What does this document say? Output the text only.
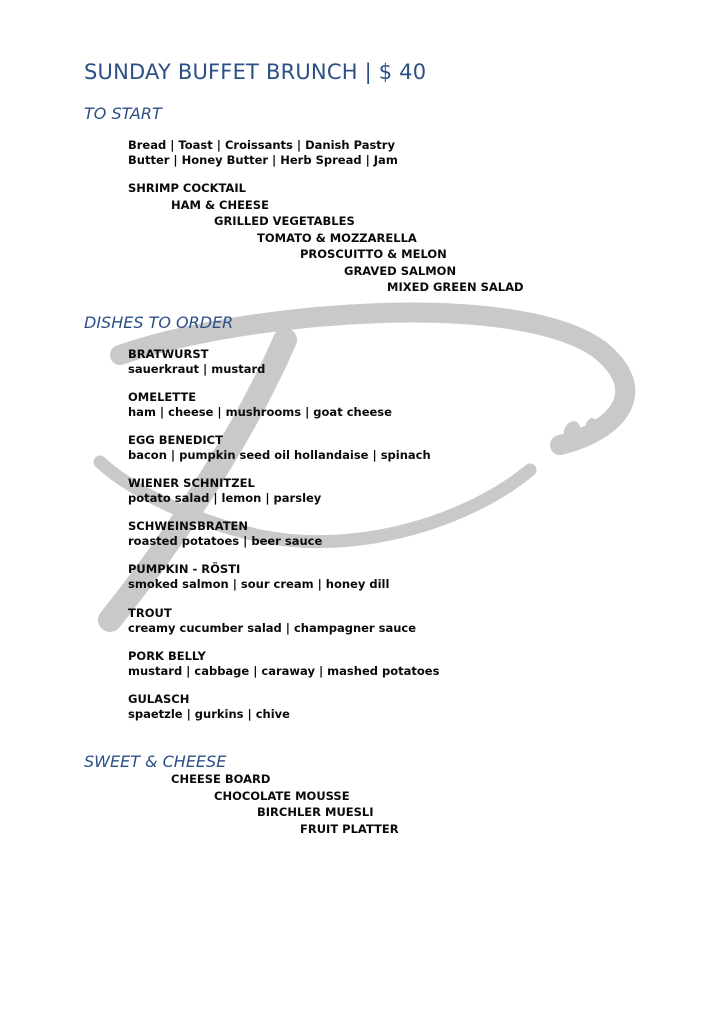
SUNDAY BUFFET BRUNCH | $ 40
TO START
Bread | Toast | Croissants | Danish Pastry
Butter | Honey Butter | Herb Spread | Jam
SHRIMP COCKTAIL
HAM & CHEESE
GRILLED VEGETABLES
TOMATO & MOZZARELLA
PROSCUITTO & MELON
GRAVED SALMON
MIXED GREEN SALAD
DISHES TO ORDER
BRATWURST
sauerkraut | mustard
OMELETTE
ham | cheese | mushrooms | goat cheese
EGG BENEDICT
bacon | pumpkin seed oil hollandaise | spinach
WIENER SCHNITZEL
potato salad | lemon | parsley
SCHWEINSBRATEN
roasted potatoes | beer sauce
PUMPKIN - RÖSTI
smoked salmon | sour cream | honey dill
TROUT
creamy cucumber salad | champagner sauce
PORK BELLY
mustard | cabbage | caraway | mashed potatoes
GULASCH
spaetzle | gurkins | chive
SWEET & CHEESE
CHEESE BOARD
CHOCOLATE MOUSSE
BIRCHLER MUESLI
FRUIT PLATTER
